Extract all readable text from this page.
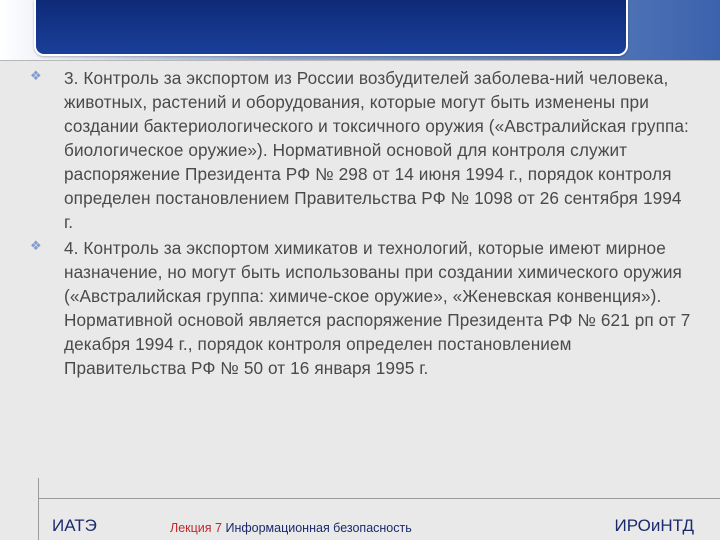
❖ 3. Контроль за экспортом из России возбудителей заболева-ний человека, животных, растений и оборудования, которые могут быть изменены при создании бактериологического и токсичного оружия («Австралийская группа: биологическое оружие»). Нормативной основой для контроля служит распоряжение Президента РФ № 298 от 14 июня 1994 г., порядок контроля определен постановлением Правительства РФ № 1098 от 26 сентября 1994 г.
❖ 4. Контроль за экспортом химикатов и технологий, которые имеют мирное назначение, но могут быть использованы при создании химического оружия («Австралийская группа: химиче-ское оружие», «Женевская конвенция»). Нормативной основой является распоряжение Президента РФ № 621 рп от 7 декабря 1994 г., порядок контроля определен постановлением Правительства РФ № 50 от 16 января 1995 г.
ИАТЭ	Лекция 7 Информационная безопасность	ИРОиНТД
